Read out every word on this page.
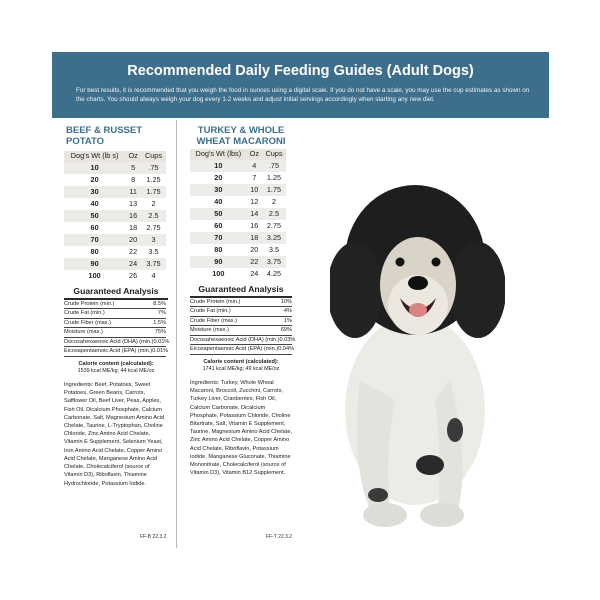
Recommended Daily Feeding Guides (Adult Dogs)
For best results, it is recommended that you weigh the food in ounces using a digital scale. If you do not have a scale, you may use the cup estimates as shown on the charts. You should always weigh your dog every 1-2 weeks and adjust initial servings accordingly when starting any new diet.
BEEF & RUSSET POTATO
Dog's Wt (lb s)	Oz	Cups
10	5	.75
20	8	1.25
30	11	1.75
40	13	2
50	16	2.5
60	18	2.75
70	20	3
80	22	3.5
90	24	3.75
100	26	4
Guaranteed Analysis
Crude Protein (min.)	8.5%
Crude Fat (min.)	7%
Crude Fiber (max.)	1.5%
Moisture (max.)	75%
Docosahexaenoic Acid (DHA) (min.) 0.01%
Eicosapentaenoic Acid (EPA) (min.) 0.01%
Calorie content (calculated):
1539 kcal ME/kg; 44 kcal ME/oz
Ingredients: Beef, Potatoes, Sweet Potatoes, Green Beans, Carrots, Safflower Oil, Beef Liver, Peas, Apples, Fish Oil, Dicalcium Phosphate, Calcium Carbonate, Salt, Magnesium Amino Acid Chelate, Taurine, L-Tryptophan, Choline Chloride, Zinc Amino Acid Chelate, Vitamin E Supplement, Selenium Yeast, Iron Amino Acid Chelate, Copper Amino Acid Chelate, Manganese Amino Acid Chelate, Cholecalciferol (source of Vitamin D3), Riboflavin, Thiamine Hydrochloride, Potassium Iodide.
FF-B 22.3.2
TURKEY & WHOLE WHEAT MACARONI
Dog's Wt (lbs)	Oz	Cups
10	4	.75
20	7	1.25
30	10	1.75
40	12	2
50	14	2.5
60	16	2.75
70	18	3.25
80	20	3.5
90	22	3.75
100	24	4.25
Guaranteed Analysis
Crude Protein (min.)	10%
Crude Fat (min.)	4%
Crude Fiber (max.)	1%
Moisture (max.)	69%
Docosahexaenoic Acid (DHA) (min.) 0.03%
Eicosapentaenoic Acid (EPA) (min.) 0.04%
Calorie content (calculated):
1741 kcal ME/kg; 49 kcal ME/oz
Ingredients: Turkey, Whole Wheat Macaroni, Broccoli, Zucchini, Carrots, Turkey Liver, Cranberries, Fish Oil, Calcium Carbonate, Dicalcium Phosphate, Potassium Chloride, Choline Bitartrate, Salt, Vitamin E Supplement, Taurine, Magnesium Amino Acid Chelate, Zinc Amino Acid Chelate, Copper Amino Acid Chelate, Riboflavin, Potassium Iodide, Manganese Gluconate, Thiamine Mononitrate, Cholecalciferol (source of Vitamin D3), Vitamin B12 Supplement.
FF-T 22.3.2
